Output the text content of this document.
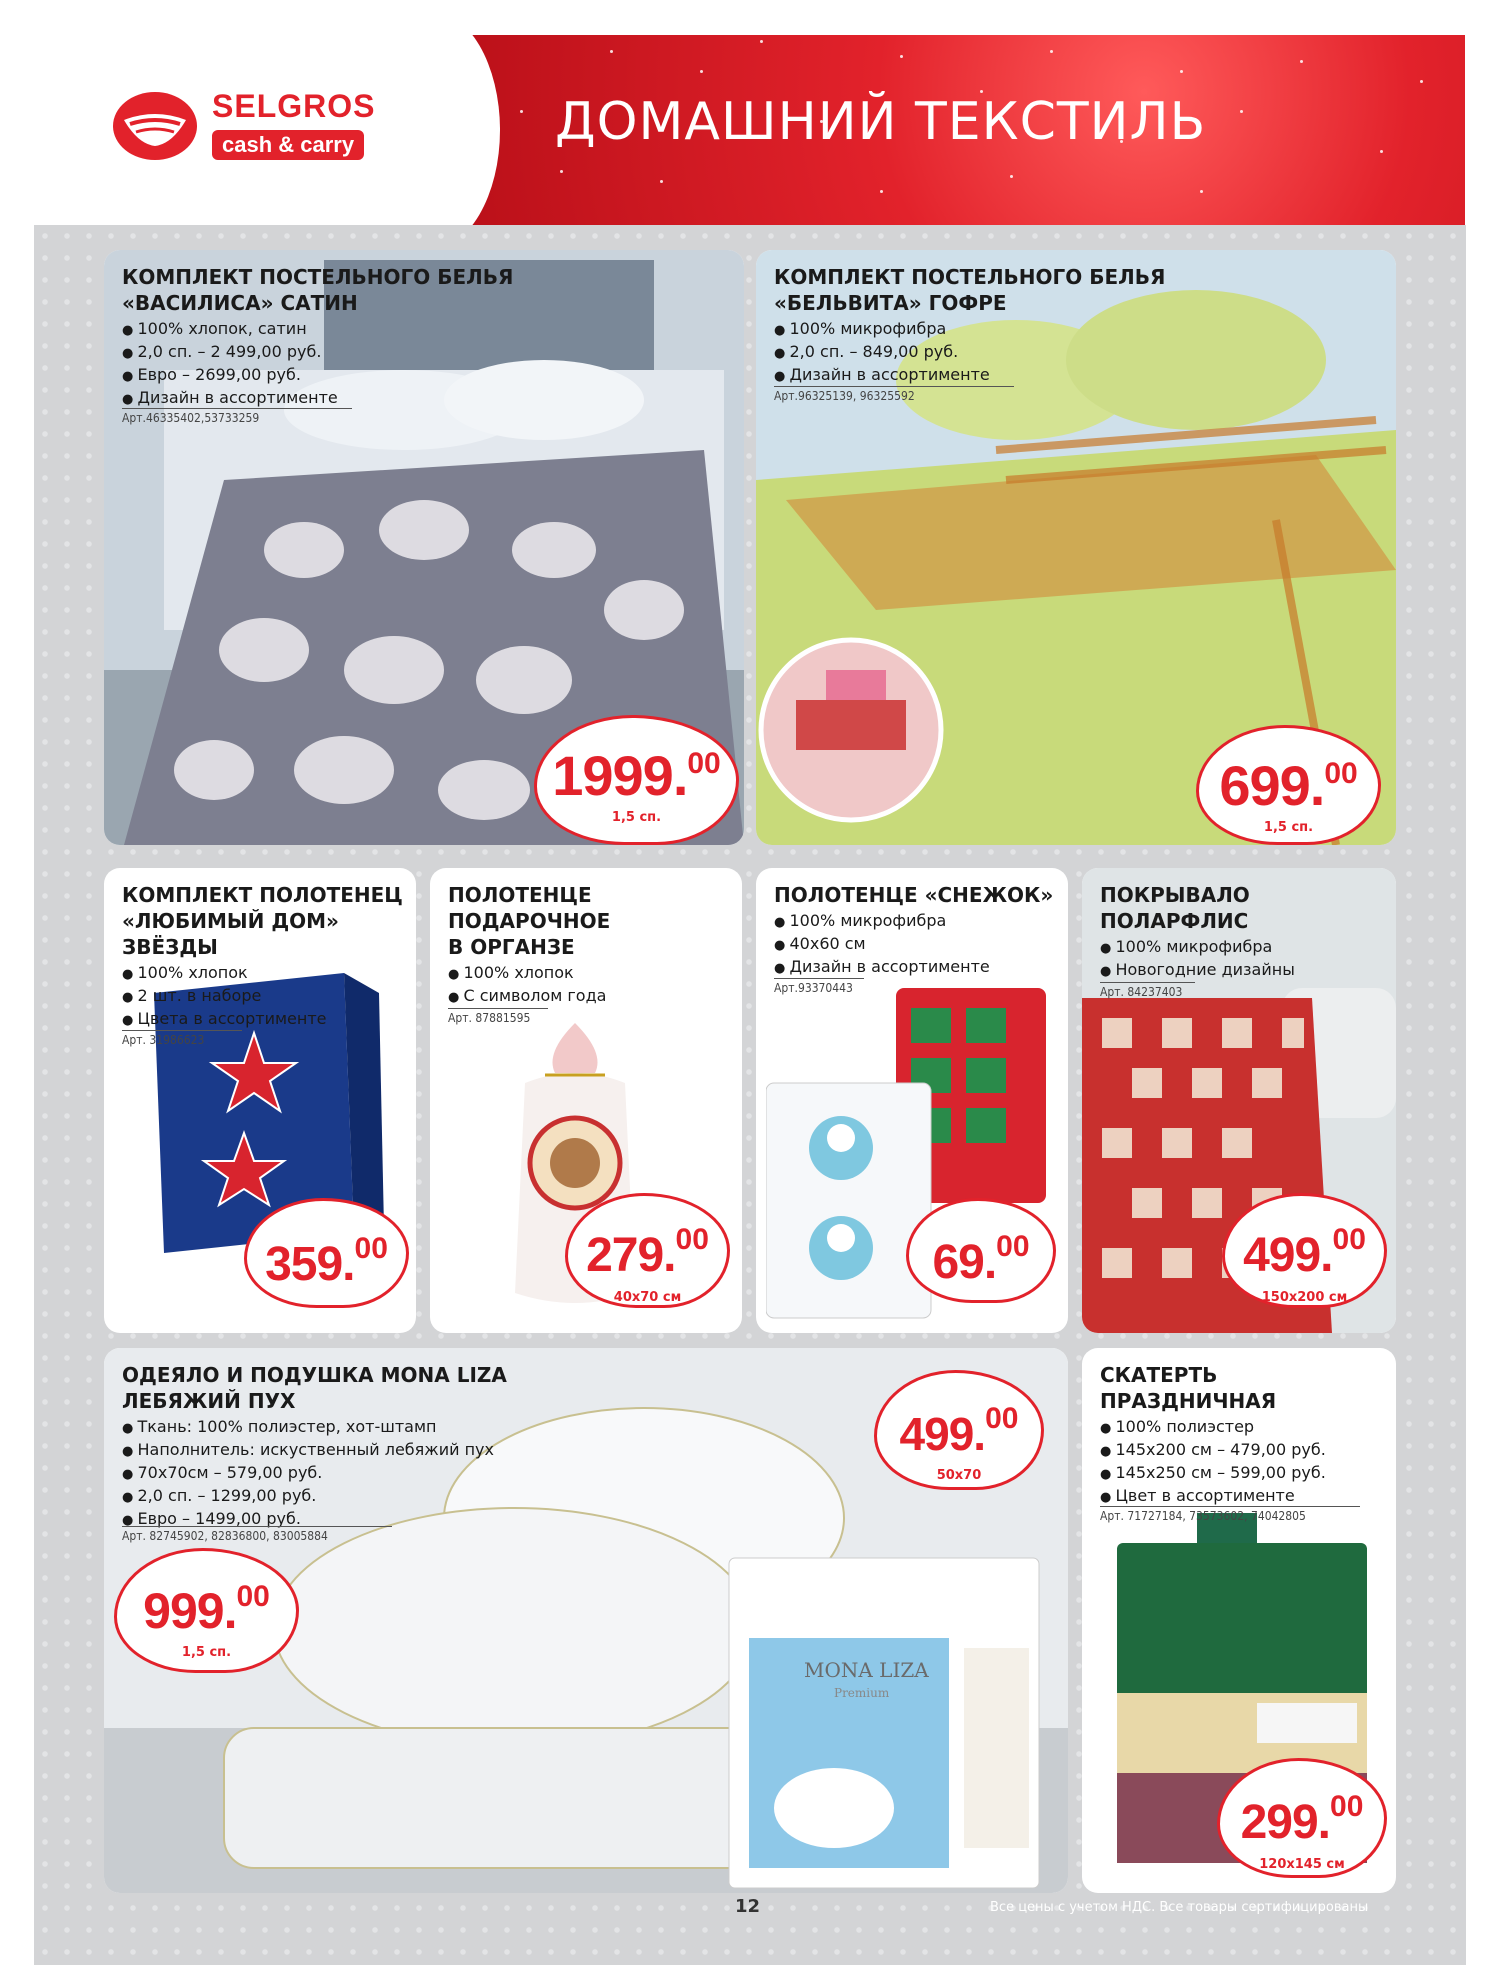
ДОМАШНИЙ ТЕКСТИЛЬ
SELGROS
cash & carry
КОМПЛЕКТ ПОСТЕЛЬНОГО БЕЛЬЯ
«ВАСИЛИСА» САТИН
● 100% хлопок, сатин
● 2,0 сп. – 2 499,00 руб.
● Евро – 2699,00 руб.
● Дизайн в ассортименте
Арт.46335402,53733259
1999.00
1,5 сп.
КОМПЛЕКТ ПОСТЕЛЬНОГО БЕЛЬЯ
«БЕЛЬВИТА» ГОФРЕ
● 100% микрофибра
● 2,0 сп. – 849,00 руб.
● Дизайн в ассортименте
Арт.96325139, 96325592
699.00
1,5 сп.
КОМПЛЕКТ ПОЛОТЕНЕЦ
«ЛЮБИМЫЙ ДОМ»
ЗВЁЗДЫ
● 100% хлопок
● 2 шт. в наборе
● Цвета в ассортименте
Арт. 31986623
359.00
ПОЛОТЕНЦЕ
ПОДАРОЧНОЕ
В ОРГАНЗЕ
● 100% хлопок
● С символом года
Арт. 87881595
279.00
40х70 см
ПОЛОТЕНЦЕ «СНЕЖОК»
● 100% микрофибра
● 40х60 см
● Дизайн в ассортименте
Арт.93370443
69.00
ПОКРЫВАЛО
ПОЛАРФЛИС
● 100% микрофибра
● Новогодние дизайны
Арт. 84237403
499.00
150х200 см
MONA LIZA
Premium
ОДЕЯЛО И ПОДУШКА MONA LIZA
ЛЕБЯЖИЙ ПУХ
● Ткань: 100% полиэстер, хот-штамп
● Наполнитель: искуственный лебяжий пух
● 70х70см – 579,00 руб.
● 2,0 сп. – 1299,00 руб.
● Евро – 1499,00 руб.
Арт. 82745902, 82836800, 83005884
999.00
1,5 сп.
499.00
50х70
СКАТЕРТЬ
ПРАЗДНИЧНАЯ
● 100% полиэстер
● 145х200 см – 479,00 руб.
● 145х250 см – 599,00 руб.
● Цвет в ассортименте
Арт. 71727184, 73573602, 74042805
299.00
120х145 см
12	Все цены с учетом НДС. Все товары сертифицированы
